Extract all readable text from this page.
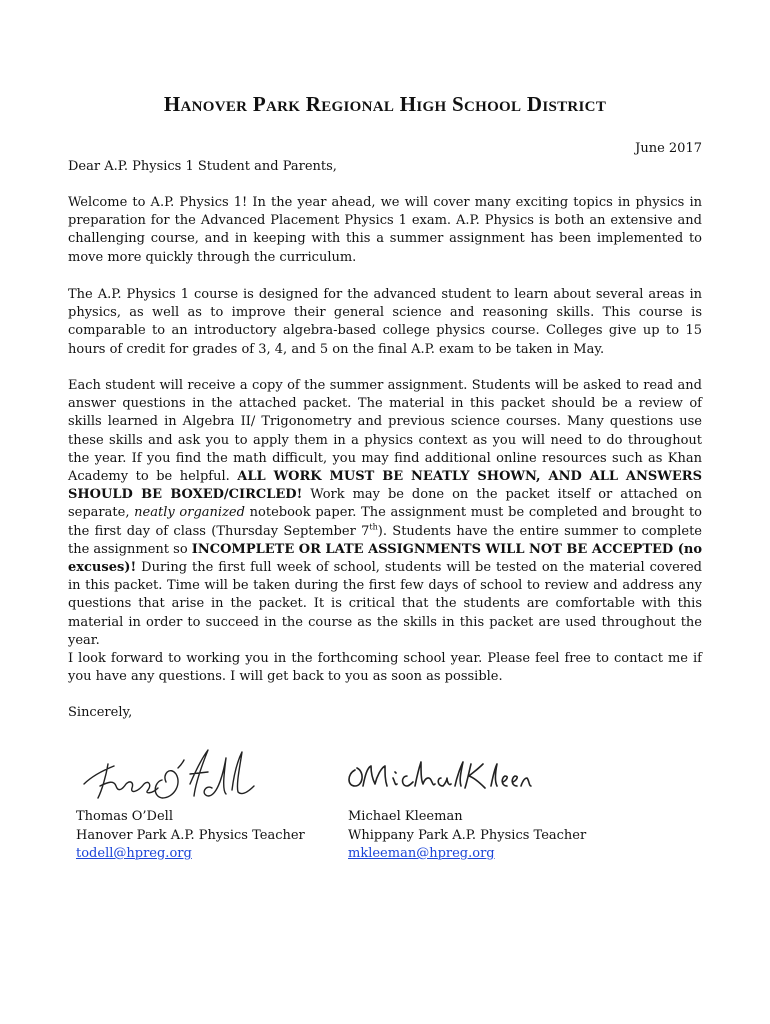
Hanover Park Regional High School District
June 2017
Dear A.P. Physics 1 Student and Parents,
Welcome to A.P. Physics 1! In the year ahead, we will cover many exciting topics in physics in preparation for the Advanced Placement Physics 1 exam. A.P. Physics is both an extensive and challenging course, and in keeping with this a summer assignment has been implemented to move more quickly through the curriculum.
The A.P. Physics 1 course is designed for the advanced student to learn about several areas in physics, as well as to improve their general science and reasoning skills. This course is comparable to an introductory algebra-based college physics course. Colleges give up to 15 hours of credit for grades of 3, 4, and 5 on the final A.P. exam to be taken in May.
Each student will receive a copy of the summer assignment. Students will be asked to read and answer questions in the attached packet. The material in this packet should be a review of skills learned in Algebra II/ Trigonometry and previous science courses. Many questions use these skills and ask you to apply them in a physics context as you will need to do throughout the year. If you find the math difficult, you may find additional online resources such as Khan Academy to be helpful. ALL WORK MUST BE NEATLY SHOWN, AND ALL ANSWERS SHOULD BE BOXED/CIRCLED! Work may be done on the packet itself or attached on separate, neatly organized notebook paper. The assignment must be completed and brought to the first day of class (Thursday September 7th). Students have the entire summer to complete the assignment so INCOMPLETE OR LATE ASSIGNMENTS WILL NOT BE ACCEPTED (no excuses)! During the first full week of school, students will be tested on the material covered in this packet. Time will be taken during the first few days of school to review and address any questions that arise in the packet. It is critical that the students are comfortable with this material in order to succeed in the course as the skills in this packet are used throughout the year.
I look forward to working you in the forthcoming school year. Please feel free to contact me if you have any questions. I will get back to you as soon as possible.
Sincerely,
Thomas O’Dell
Hanover Park A.P. Physics Teacher
todell@hpreg.org
Michael Kleeman
Whippany Park A.P. Physics Teacher
mkleeman@hpreg.org
